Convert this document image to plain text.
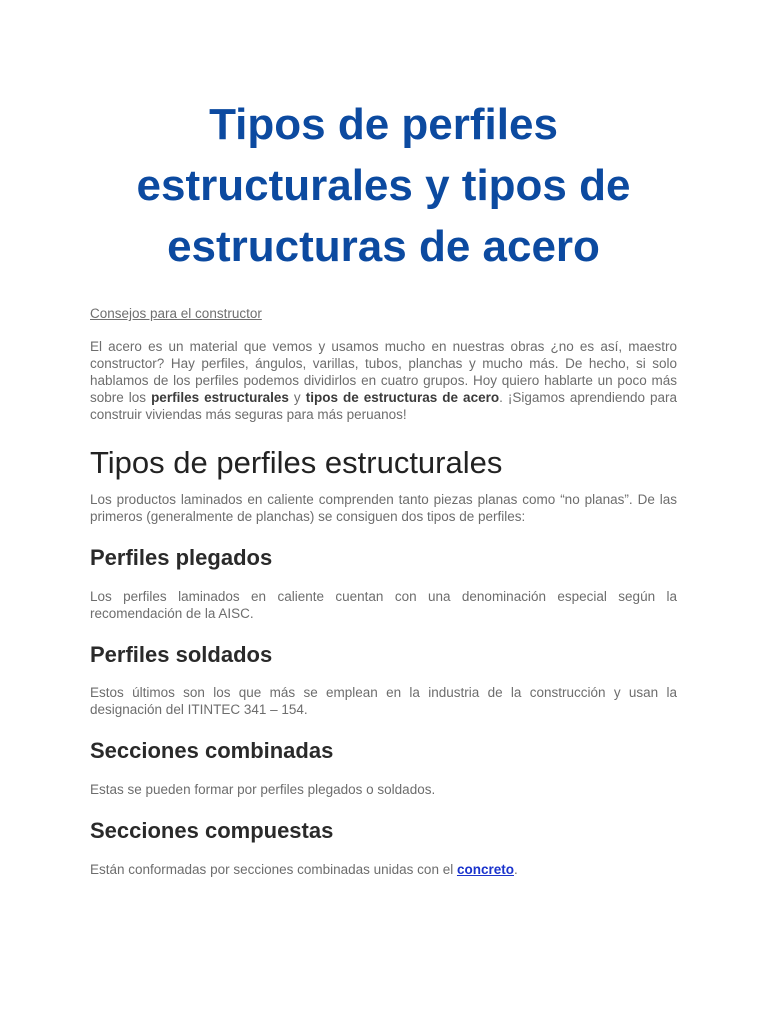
Tipos de perfiles estructurales y tipos de estructuras de acero
Consejos para el constructor

El acero es un material que vemos y usamos mucho en nuestras obras ¿no es así, maestro constructor? Hay perfiles, ángulos, varillas, tubos, planchas y mucho más. De hecho, si solo hablamos de los perfiles podemos dividirlos en cuatro grupos. Hoy quiero hablarte un poco más sobre los perfiles estructurales y tipos de estructuras de acero. ¡Sigamos aprendiendo para construir viviendas más seguras para más peruanos!

Tipos de perfiles estructurales

Los productos laminados en caliente comprenden tanto piezas planas como “no planas”. De las primeros (generalmente de planchas) se consiguen dos tipos de perfiles:

Perfiles plegados

Los perfiles laminados en caliente cuentan con una denominación especial según la recomendación de la AISC.

Perfiles soldados

Estos últimos son los que más se emplean en la industria de la construcción y usan la designación del ITINTEC 341 – 154.

Secciones combinadas

Estas se pueden formar por perfiles plegados o soldados.

Secciones compuestas

Están conformadas por secciones combinadas unidas con el concreto.
